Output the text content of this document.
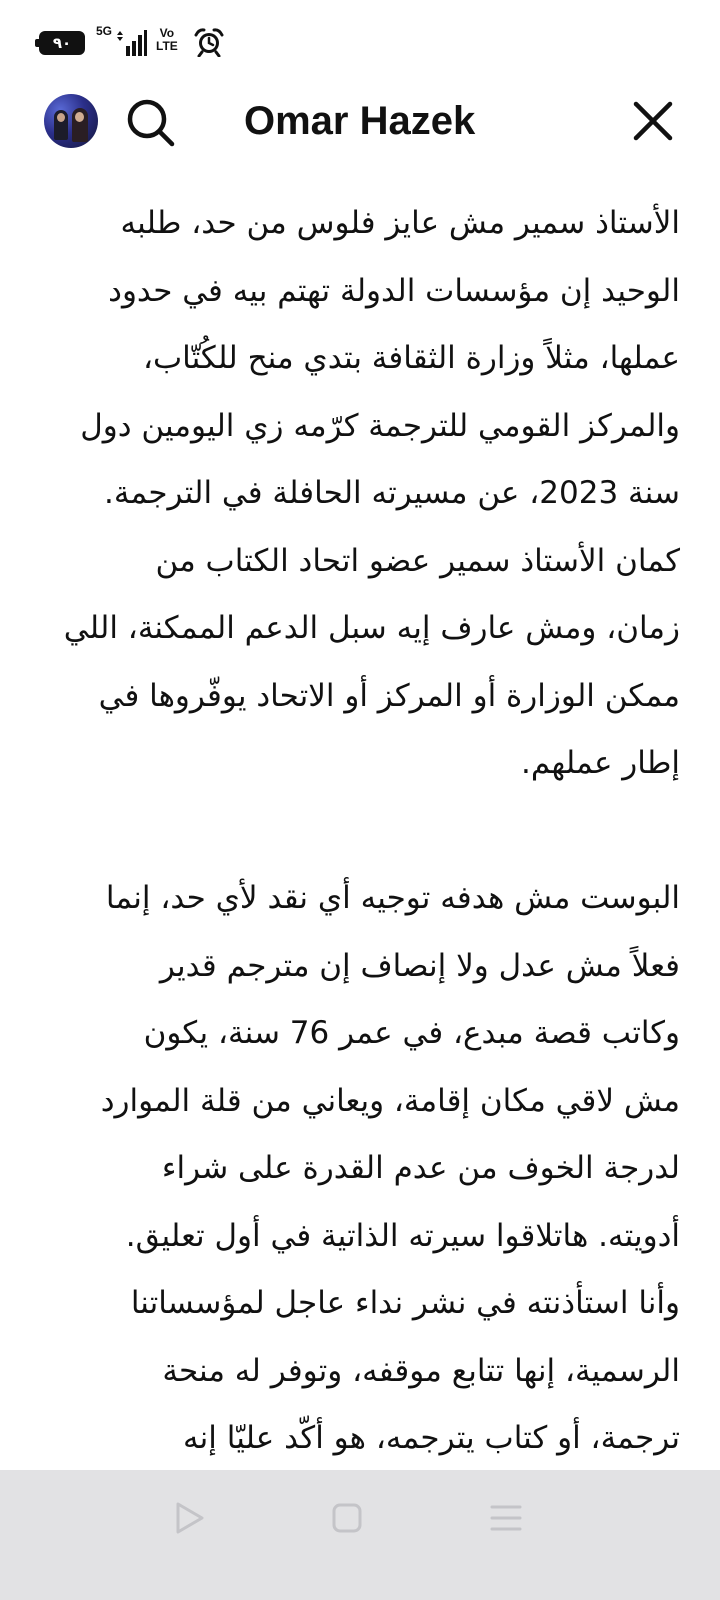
٩٠
5G	Vo
LTE
Omar Hazek

الأستاذ سمير مش عايز فلوس من حد، طلبه
الوحيد إن مؤسسات الدولة تهتم بيه في حدود
عملها، مثلاً وزارة الثقافة بتدي منح للكُتّاب،
والمركز القومي للترجمة كرّمه زي اليومين دول
سنة 2023، عن مسيرته الحافلة في الترجمة.
كمان الأستاذ سمير عضو اتحاد الكتاب من
زمان، ومش عارف إيه سبل الدعم الممكنة، اللي
ممكن الوزارة أو المركز أو الاتحاد يوفّروها في
إطار عملهم.

البوست مش هدفه توجيه أي نقد لأي حد، إنما
فعلاً مش عدل ولا إنصاف إن مترجم قدير
وكاتب قصة مبدع، في عمر 76 سنة، يكون
مش لاقي مكان إقامة، ويعاني من قلة الموارد
لدرجة الخوف من عدم القدرة على شراء
أدويته. هاتلاقوا سيرته الذاتية في أول تعليق.
وأنا استأذنته في نشر نداء عاجل لمؤسساتنا
الرسمية، إنها تتابع موقفه، وتوفر له منحة
ترجمة، أو كتاب يترجمه، هو أكّد عليّا إنه
